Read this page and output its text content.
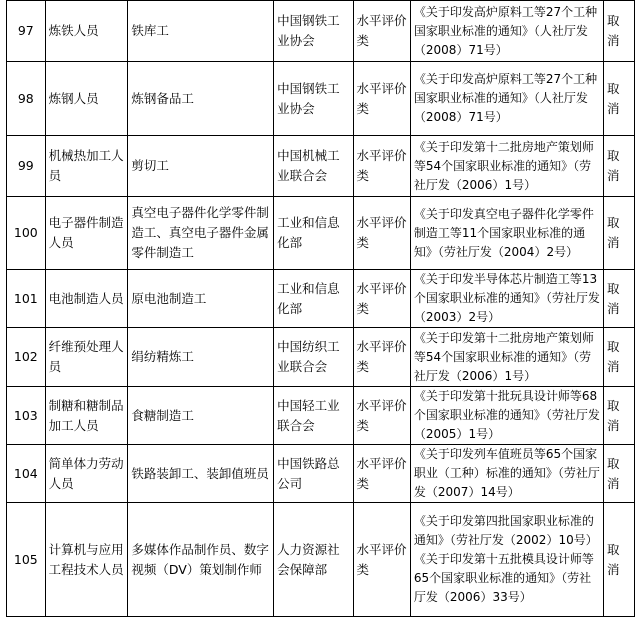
97	炼铁人员	铁库工	中国钢铁工业协会	水平评价类	《关于印发高炉原料工等27个工种国家职业标准的通知》（人社厅发（2008）71号）	取消

98	炼钢人员	炼钢备品工	中国钢铁工业协会	水平评价类	《关于印发高炉原料工等27个工种国家职业标准的通知》（人社厅发（2008）71号）	取消

99	机械热加工人员	剪切工	中国机械工业联合会	水平评价类	《关于印发第十二批房地产策划师等54个国家职业标准的通知》（劳社厅发（2006）1号）	取消

100	电子器件制造人员	真空电子器件化学零件制造工、真空电子器件金属零件制造工	工业和信息化部	水平评价类	《关于印发真空电子器件化学零件制造工等11个国家职业标准的通知》（劳社厅发（2004）2号）	取消

101	电池制造人员	原电池制造工	工业和信息化部	水平评价类	《关于印发半导体芯片制造工等13个国家职业标准的通知》（劳社厅发（2003）2号）	取消

102	纤维预处理人员	绢纺精炼工	中国纺织工业联合会	水平评价类	《关于印发第十二批房地产策划师等54个国家职业标准的通知》（劳社厅发（2006）1号）	取消

103	制糖和糖制品加工人员	食糖制造工	中国轻工业联合会	水平评价类	《关于印发第十批玩具设计师等68个国家职业标准的通知》（劳社厅发（2005）1号）	取消

104	简单体力劳动人员	铁路装卸工、装卸值班员	中国铁路总公司	水平评价类	《关于印发列车值班员等65个国家职业（工种）标准的通知》（劳社厅发（2007）14号）	取消

105	计算机与应用工程技术人员	多媒体作品制作员、数字视频（DV）策划制作师	人力资源社会保障部	水平评价类	《关于印发第四批国家职业标准的通知》（劳社厅发（2002）10号）
《关于印发第十五批模具设计师等65个国家职业标准的通知》（劳社厅发（2006）33号）	取消
